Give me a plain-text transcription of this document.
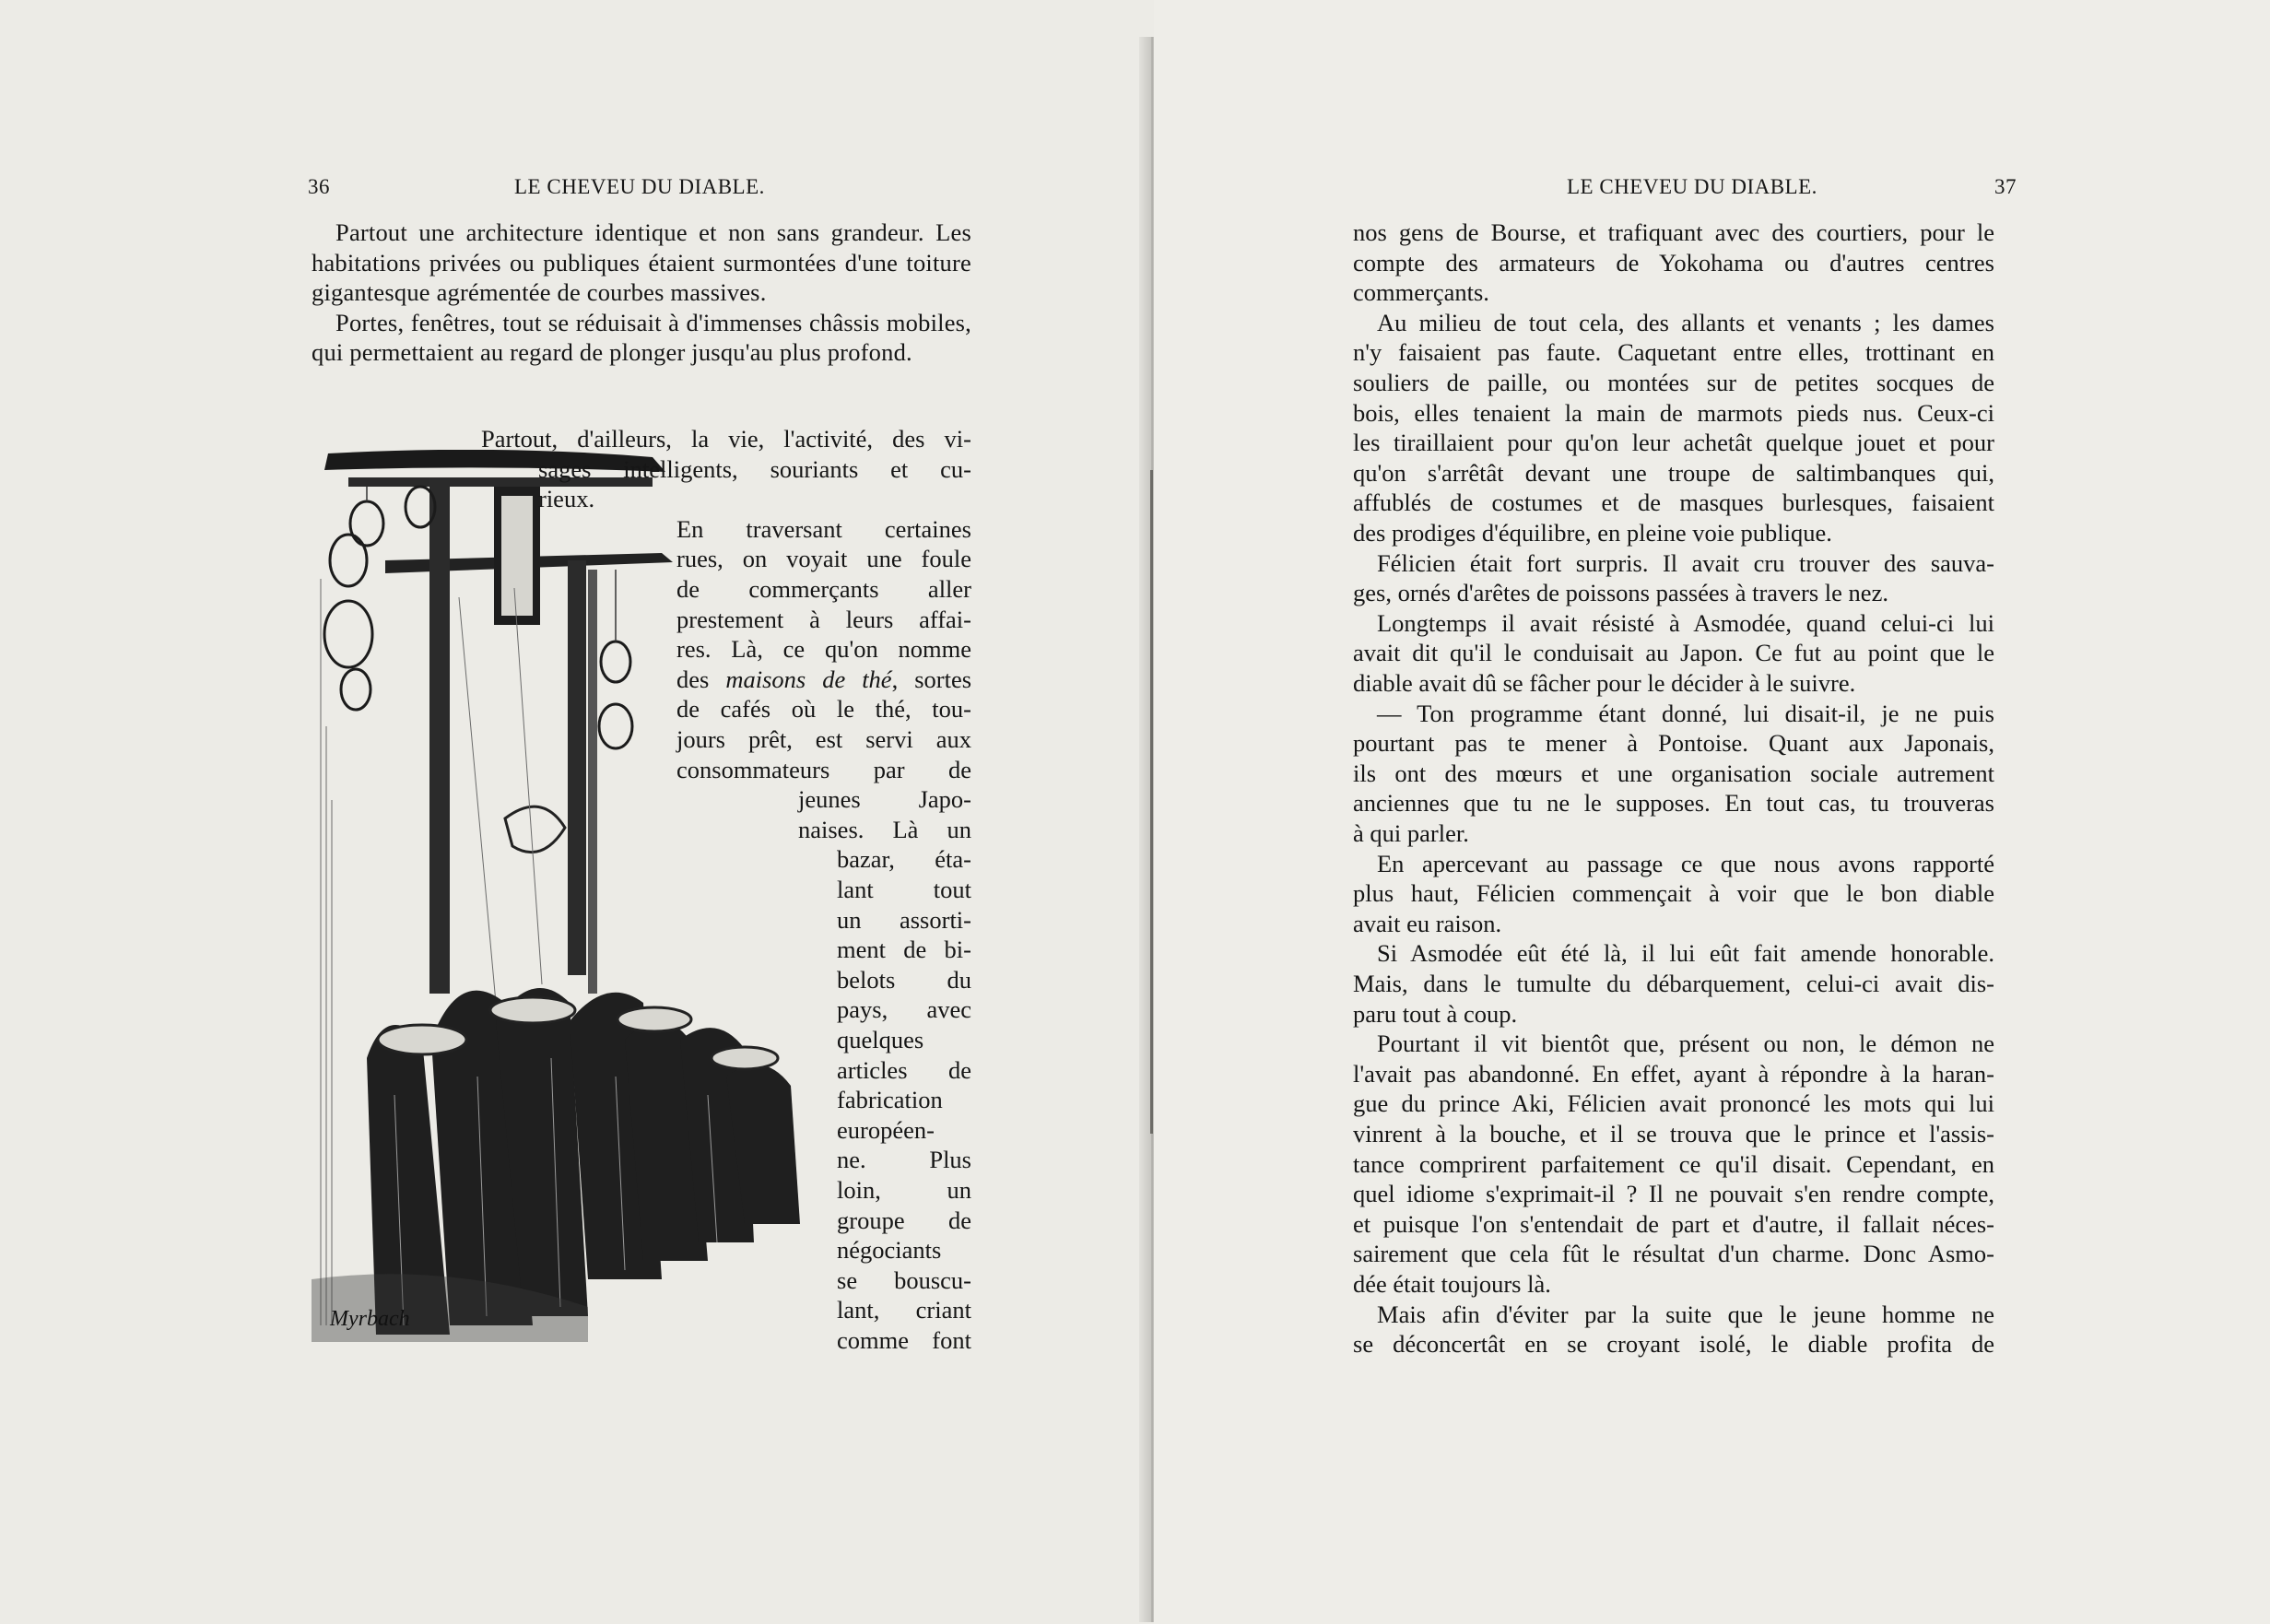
36	LE CHEVEU DU DIABLE.

Partout une architecture identique et non sans grandeur. Les habitations privées ou publiques étaient surmontées d'une toiture gigantesque agrémentée de courbes massives.

Portes, fenêtres, tout se réduisait à d'immenses châssis mobiles, qui permettaient au regard de plonger jusqu'au plus profond.

Myrbach
Partout, d'ailleurs, la vie, l'activité, des vi-
sages intelligents, souriants et cu-
rieux.
En traversant certaines
rues, on voyait une foule
de commerçants aller
prestement à leurs affai-
res. Là, ce qu'on nomme
des maisons de thé, sortes
de cafés où le thé, tou-
jours prêt, est servi aux
consommateurs par de
jeunes Japo-
naises. Là un
bazar, éta-
lant tout
un assorti-
ment de bi-
belots du
pays, avec
quelques
articles de
fabrication
européen-
ne. Plus
loin, un
groupe de
négociants
se bouscu-
lant, criant
comme font
LE CHEVEU DU DIABLE.	37
nos gens de Bourse, et trafiquant avec des courtiers, pour le
compte des armateurs de Yokohama ou d'autres centres
commerçants.
Au milieu de tout cela, des allants et venants ; les dames
n'y faisaient pas faute. Caquetant entre elles, trottinant en
souliers de paille, ou montées sur de petites socques de
bois, elles tenaient la main de marmots pieds nus. Ceux-ci
les tiraillaient pour qu'on leur achetât quelque jouet et pour
qu'on s'arrêtât devant une troupe de saltimbanques qui,
affublés de costumes et de masques burlesques, faisaient
des prodiges d'équilibre, en pleine voie publique.
Félicien était fort surpris. Il avait cru trouver des sauva-
ges, ornés d'arêtes de poissons passées à travers le nez.
Longtemps il avait résisté à Asmodée, quand celui-ci lui
avait dit qu'il le conduisait au Japon. Ce fut au point que le
diable avait dû se fâcher pour le décider à le suivre.
— Ton programme étant donné, lui disait-il, je ne puis
pourtant pas te mener à Pontoise. Quant aux Japonais,
ils ont des mœurs et une organisation sociale autrement
anciennes que tu ne le supposes. En tout cas, tu trouveras
à qui parler.
En apercevant au passage ce que nous avons rapporté
plus haut, Félicien commençait à voir que le bon diable
avait eu raison.
Si Asmodée eût été là, il lui eût fait amende honorable.
Mais, dans le tumulte du débarquement, celui-ci avait dis-
paru tout à coup.
Pourtant il vit bientôt que, présent ou non, le démon ne
l'avait pas abandonné. En effet, ayant à répondre à la haran-
gue du prince Aki, Félicien avait prononcé les mots qui lui
vinrent à la bouche, et il se trouva que le prince et l'assis-
tance comprirent parfaitement ce qu'il disait. Cependant, en
quel idiome s'exprimait-il ? Il ne pouvait s'en rendre compte,
et puisque l'on s'entendait de part et d'autre, il fallait néces-
sairement que cela fût le résultat d'un charme. Donc Asmo-
dée était toujours là.
Mais afin d'éviter par la suite que le jeune homme ne
se déconcertât en se croyant isolé, le diable profita de
